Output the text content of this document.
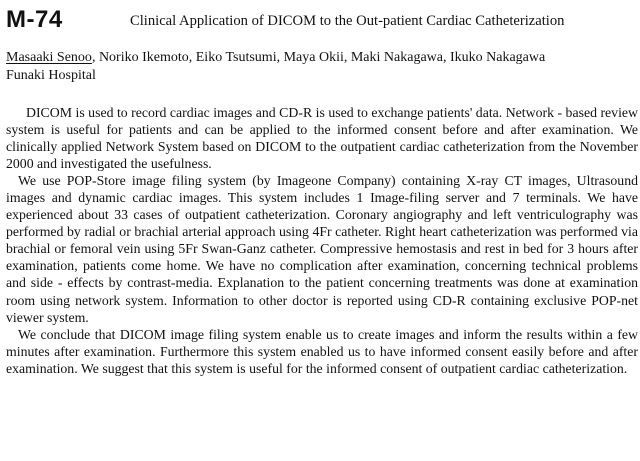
M-74	Clinical Application of DICOM to the Out-patient Cardiac Catheterization
Masaaki Senoo, Noriko Ikemoto, Eiko Tsutsumi, Maya Okii, Maki Nakagawa, Ikuko Nakagawa
Funaki Hospital

DICOM is used to record cardiac images and CD-R is used to exchange patients' data. Network - based review system is useful for patients and can be applied to the informed consent before and after examination. We clinically applied Network System based on DICOM to the outpatient cardiac catheterization from the November 2000 and investigated the usefulness.

We use POP-Store image filing system (by Imageone Company) containing X-ray CT images, Ultrasound images and dynamic cardiac images. This system includes 1 Image-filing server and 7 terminals. We have experienced about 33 cases of outpatient catheterization. Coronary angiography and left ventriculography was performed by radial or brachial arterial approach using 4Fr catheter. Right heart catheterization was performed via brachial or femoral vein using 5Fr Swan-Ganz catheter. Compressive hemostasis and rest in bed for 3 hours after examination, patients come home. We have no complication after examination, concerning technical problems and side - effects by contrast-media. Explanation to the patient concerning treatments was done at examination room using network system. Information to other doctor is reported using CD-R containing exclusive POP-net viewer system.

We conclude that DICOM image filing system enable us to create images and inform the results within a few minutes after examination. Furthermore this system enabled us to have informed consent easily before and after examination. We suggest that this system is useful for the informed consent of outpatient cardiac catheterization.
